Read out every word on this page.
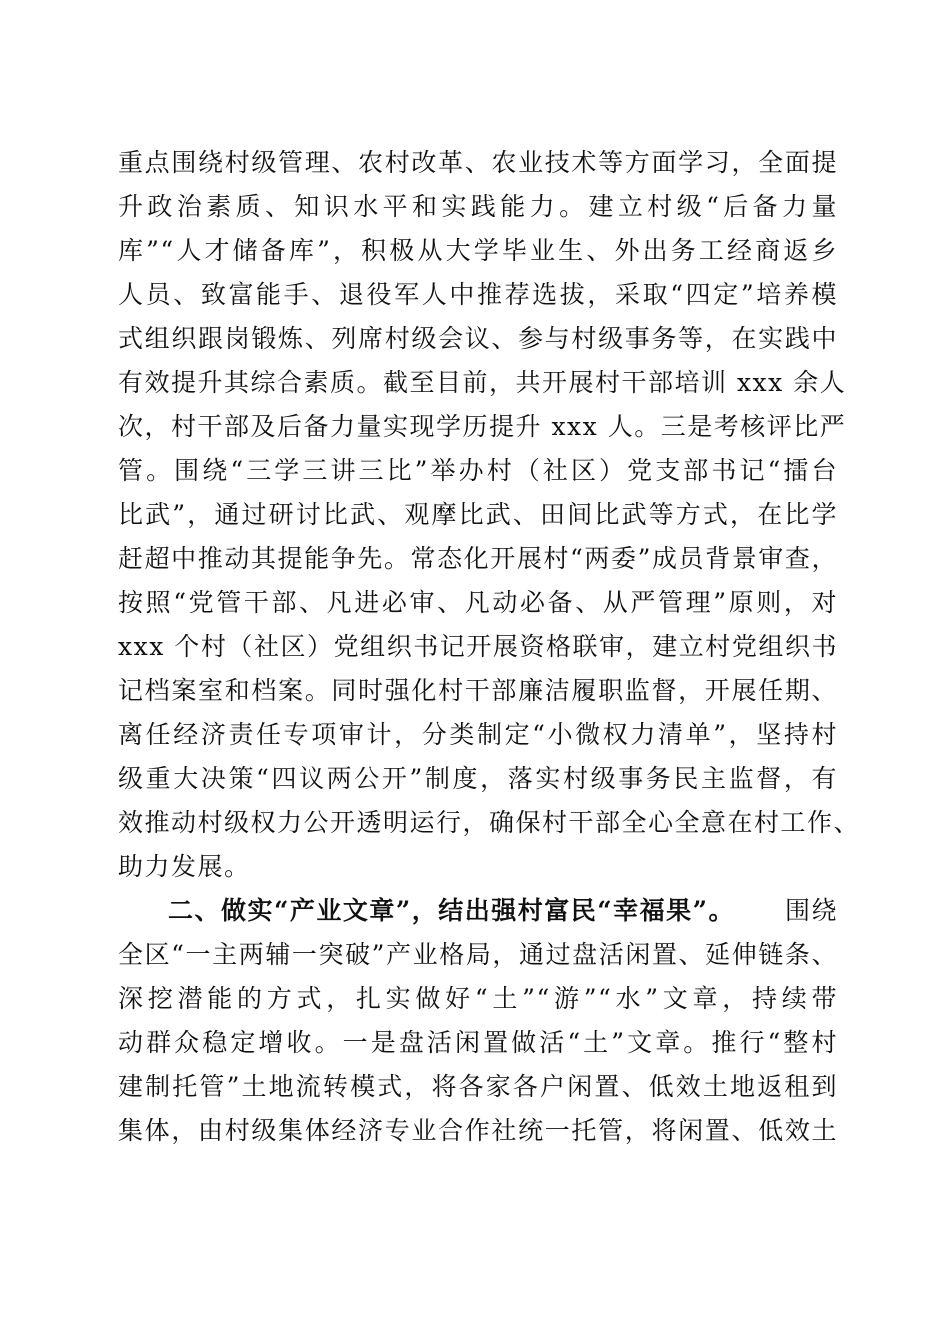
重点围绕村级管理、农村改革、农业技术等方面学习，全面提
升政治素质、知识水平和实践能力。建立村级“后备力量
库”“人才储备库”，积极从大学毕业生、外出务工经商返乡
人员、致富能手、退役军人中推荐选拔，采取“四定”培养模
式组织跟岗锻炼、列席村级会议、参与村级事务等，在实践中
有效提升其综合素质。截至目前，共开展村干部培训 xxx 余人
次，村干部及后备力量实现学历提升 xxx 人。三是考核评比严
管。围绕“三学三讲三比”举办村（社区）党支部书记“擂台
比武”，通过研讨比武、观摩比武、田间比武等方式，在比学
赶超中推动其提能争先。常态化开展村“两委”成员背景审查，
按照“党管干部、凡进必审、凡动必备、从严管理”原则，对
xxx 个村（社区）党组织书记开展资格联审，建立村党组织书
记档案室和档案。同时强化村干部廉洁履职监督，开展任期、
离任经济责任专项审计，分类制定“小微权力清单”，坚持村
级重大决策“四议两公开”制度，落实村级事务民主监督，有
效推动村级权力公开透明运行，确保村干部全心全意在村工作、
助力发展。
二、做实“产业文章”，结出强村富民“幸福果”。 围绕
全区“一主两辅一突破”产业格局，通过盘活闲置、延伸链条、
深挖潜能的方式，扎实做好“土”“游”“水”文章，持续带
动群众稳定增收。一是盘活闲置做活“土”文章。推行“整村
建制托管”土地流转模式，将各家各户闲置、低效土地返租到
集体，由村级集体经济专业合作社统一托管，将闲置、低效土
